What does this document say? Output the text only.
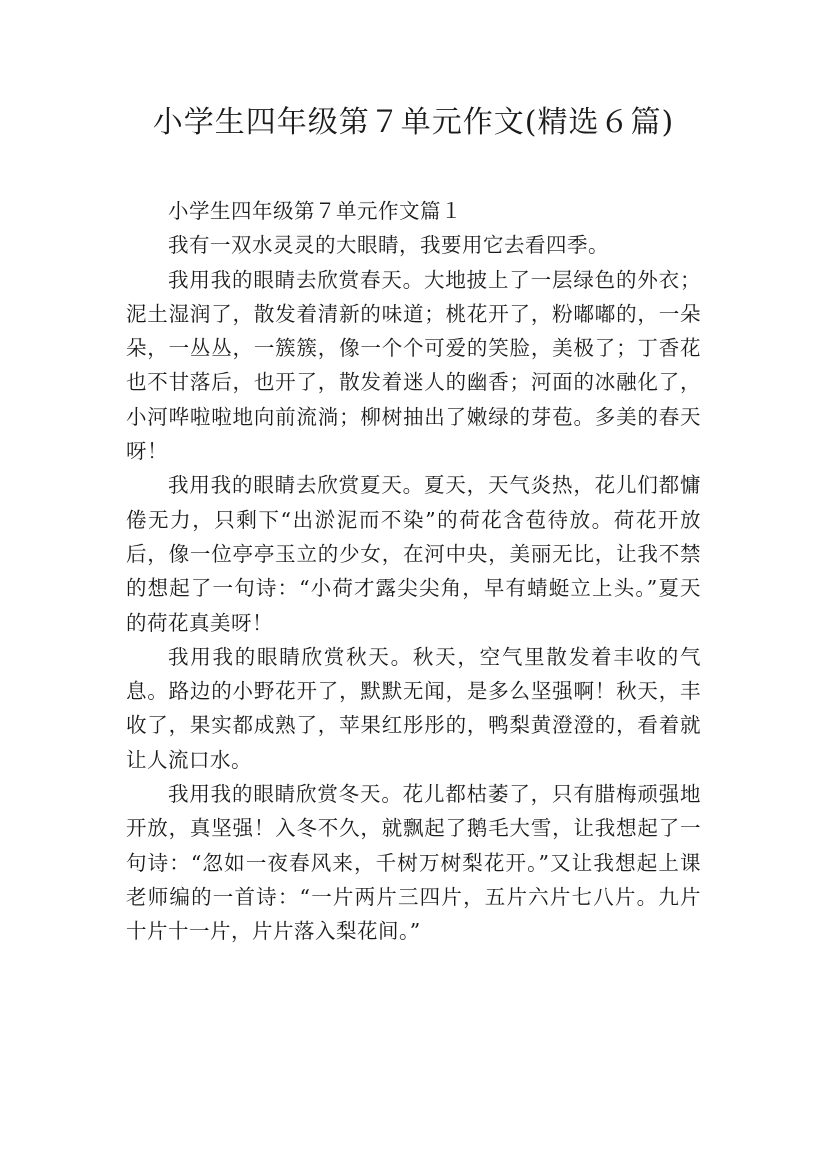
小学生四年级第７单元作文(精选６篇)
小学生四年级第７单元作文篇１

我有一双水灵灵的大眼睛，我要用它去看四季。

我用我的眼睛去欣赏春天。大地披上了一层绿色的外衣；泥土湿润了，散发着清新的味道；桃花开了，粉嘟嘟的，一朵朵，一丛丛，一簇簇，像一个个可爱的笑脸，美极了；丁香花也不甘落后，也开了，散发着迷人的幽香；河面的冰融化了，小河哗啦啦地向前流淌；柳树抽出了嫩绿的芽苞。多美的春天呀！

我用我的眼睛去欣赏夏天。夏天，天气炎热，花儿们都慵倦无力，只剩下“出淤泥而不染”的荷花含苞待放。荷花开放后，像一位亭亭玉立的少女，在河中央，美丽无比，让我不禁的想起了一句诗：“小荷才露尖尖角，早有蜻蜓立上头。”夏天的荷花真美呀！

我用我的眼睛欣赏秋天。秋天，空气里散发着丰收的气息。路边的小野花开了，默默无闻，是多么坚强啊！秋天，丰收了，果实都成熟了，苹果红彤彤的，鸭梨黄澄澄的，看着就让人流口水。

我用我的眼睛欣赏冬天。花儿都枯萎了，只有腊梅顽强地开放，真坚强！入冬不久，就飘起了鹅毛大雪，让我想起了一句诗：“忽如一夜春风来，千树万树梨花开。”又让我想起上课老师编的一首诗：“一片两片三四片，五片六片七八片。九片十片十一片，片片落入梨花间。”
